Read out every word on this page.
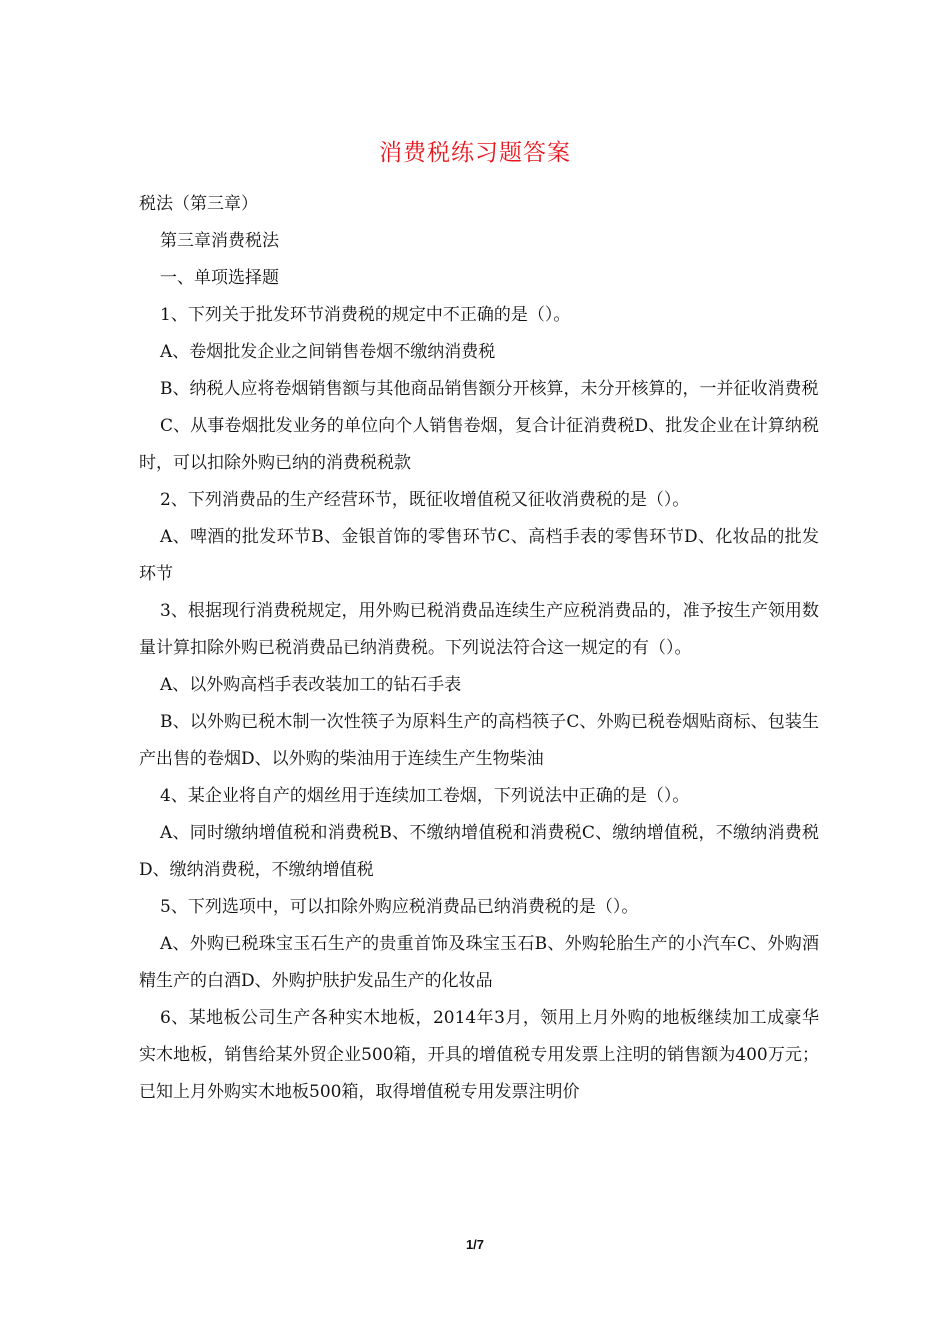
消费税练习题答案

税法（第三章）

第三章消费税法

一、单项选择题

1、下列关于批发环节消费税的规定中不正确的是（）。

A、卷烟批发企业之间销售卷烟不缴纳消费税

B、纳税人应将卷烟销售额与其他商品销售额分开核算，未分开核算的，一并征收消费税

C、从事卷烟批发业务的单位向个人销售卷烟，复合计征消费税D、批发企业在计算纳税时，可以扣除外购已纳的消费税税款

2、下列消费品的生产经营环节，既征收增值税又征收消费税的是（）。

A、啤酒的批发环节B、金银首饰的零售环节C、高档手表的零售环节D、化妆品的批发环节

3、根据现行消费税规定，用外购已税消费品连续生产应税消费品的，准予按生产领用数量计算扣除外购已税消费品已纳消费税。下列说法符合这一规定的有（）。

A、以外购高档手表改装加工的钻石手表

B、以外购已税木制一次性筷子为原料生产的高档筷子C、外购已税卷烟贴商标、包装生产出售的卷烟D、以外购的柴油用于连续生产生物柴油

4、某企业将自产的烟丝用于连续加工卷烟，下列说法中正确的是（）。

A、同时缴纳增值税和消费税B、不缴纳增值税和消费税C、缴纳增值税，不缴纳消费税D、缴纳消费税，不缴纳增值税

5、下列选项中，可以扣除外购应税消费品已纳消费税的是（）。

A、外购已税珠宝玉石生产的贵重首饰及珠宝玉石B、外购轮胎生产的小汽车C、外购酒精生产的白酒D、外购护肤护发品生产的化妆品

6、某地板公司生产各种实木地板，2014年3月，领用上月外购的地板继续加工成豪华实木地板，销售给某外贸企业500箱，开具的增值税专用发票上注明的销售额为400万元；已知上月外购实木地板500箱，取得增值税专用发票注明价

1/7
